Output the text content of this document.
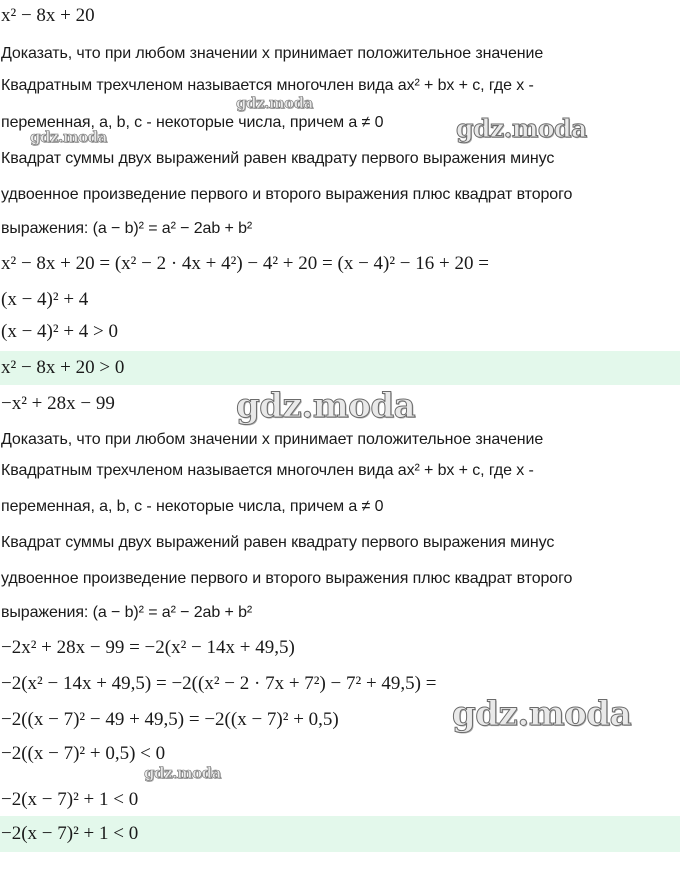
x² − 8x + 20
Доказать, что при любом значении x принимает положительное значение
Квадратным трехчленом называется многочлен вида ax² + bx + c, где x -
переменная, a, b, c - некоторые числа, причем a ≠ 0
Квадрат суммы двух выражений равен квадрату первого выражения минус
удвоенное произведение первого и второго выражения плюс квадрат второго
выражения: (a − b)² = a² − 2ab + b²
x² − 8x + 20 = (x² − 2 · 4x + 4²) − 4² + 20 = (x − 4)² − 16 + 20 =
(x − 4)² + 4
(x − 4)² + 4 > 0
x² − 8x + 20 > 0
−x² + 28x − 99
Доказать, что при любом значении x принимает положительное значение
Квадратным трехчленом называется многочлен вида ax² + bx + c, где x -
переменная, a, b, c - некоторые числа, причем a ≠ 0
Квадрат суммы двух выражений равен квадрату первого выражения минус
удвоенное произведение первого и второго выражения плюс квадрат второго
выражения: (a − b)² = a² − 2ab + b²
−2x² + 28x − 99 = −2(x² − 14x + 49,5)
−2(x² − 14x + 49,5) = −2((x² − 2 · 7x + 7²) − 7² + 49,5) =
−2((x − 7)² − 49 + 49,5) = −2((x − 7)² + 0,5)
−2((x − 7)² + 0,5) < 0
−2(x − 7)² + 1 < 0
−2(x − 7)² + 1 < 0
gdz.moda
gdz.moda	gdz.moda
gdz.moda
gdz.moda
gdz.moda
